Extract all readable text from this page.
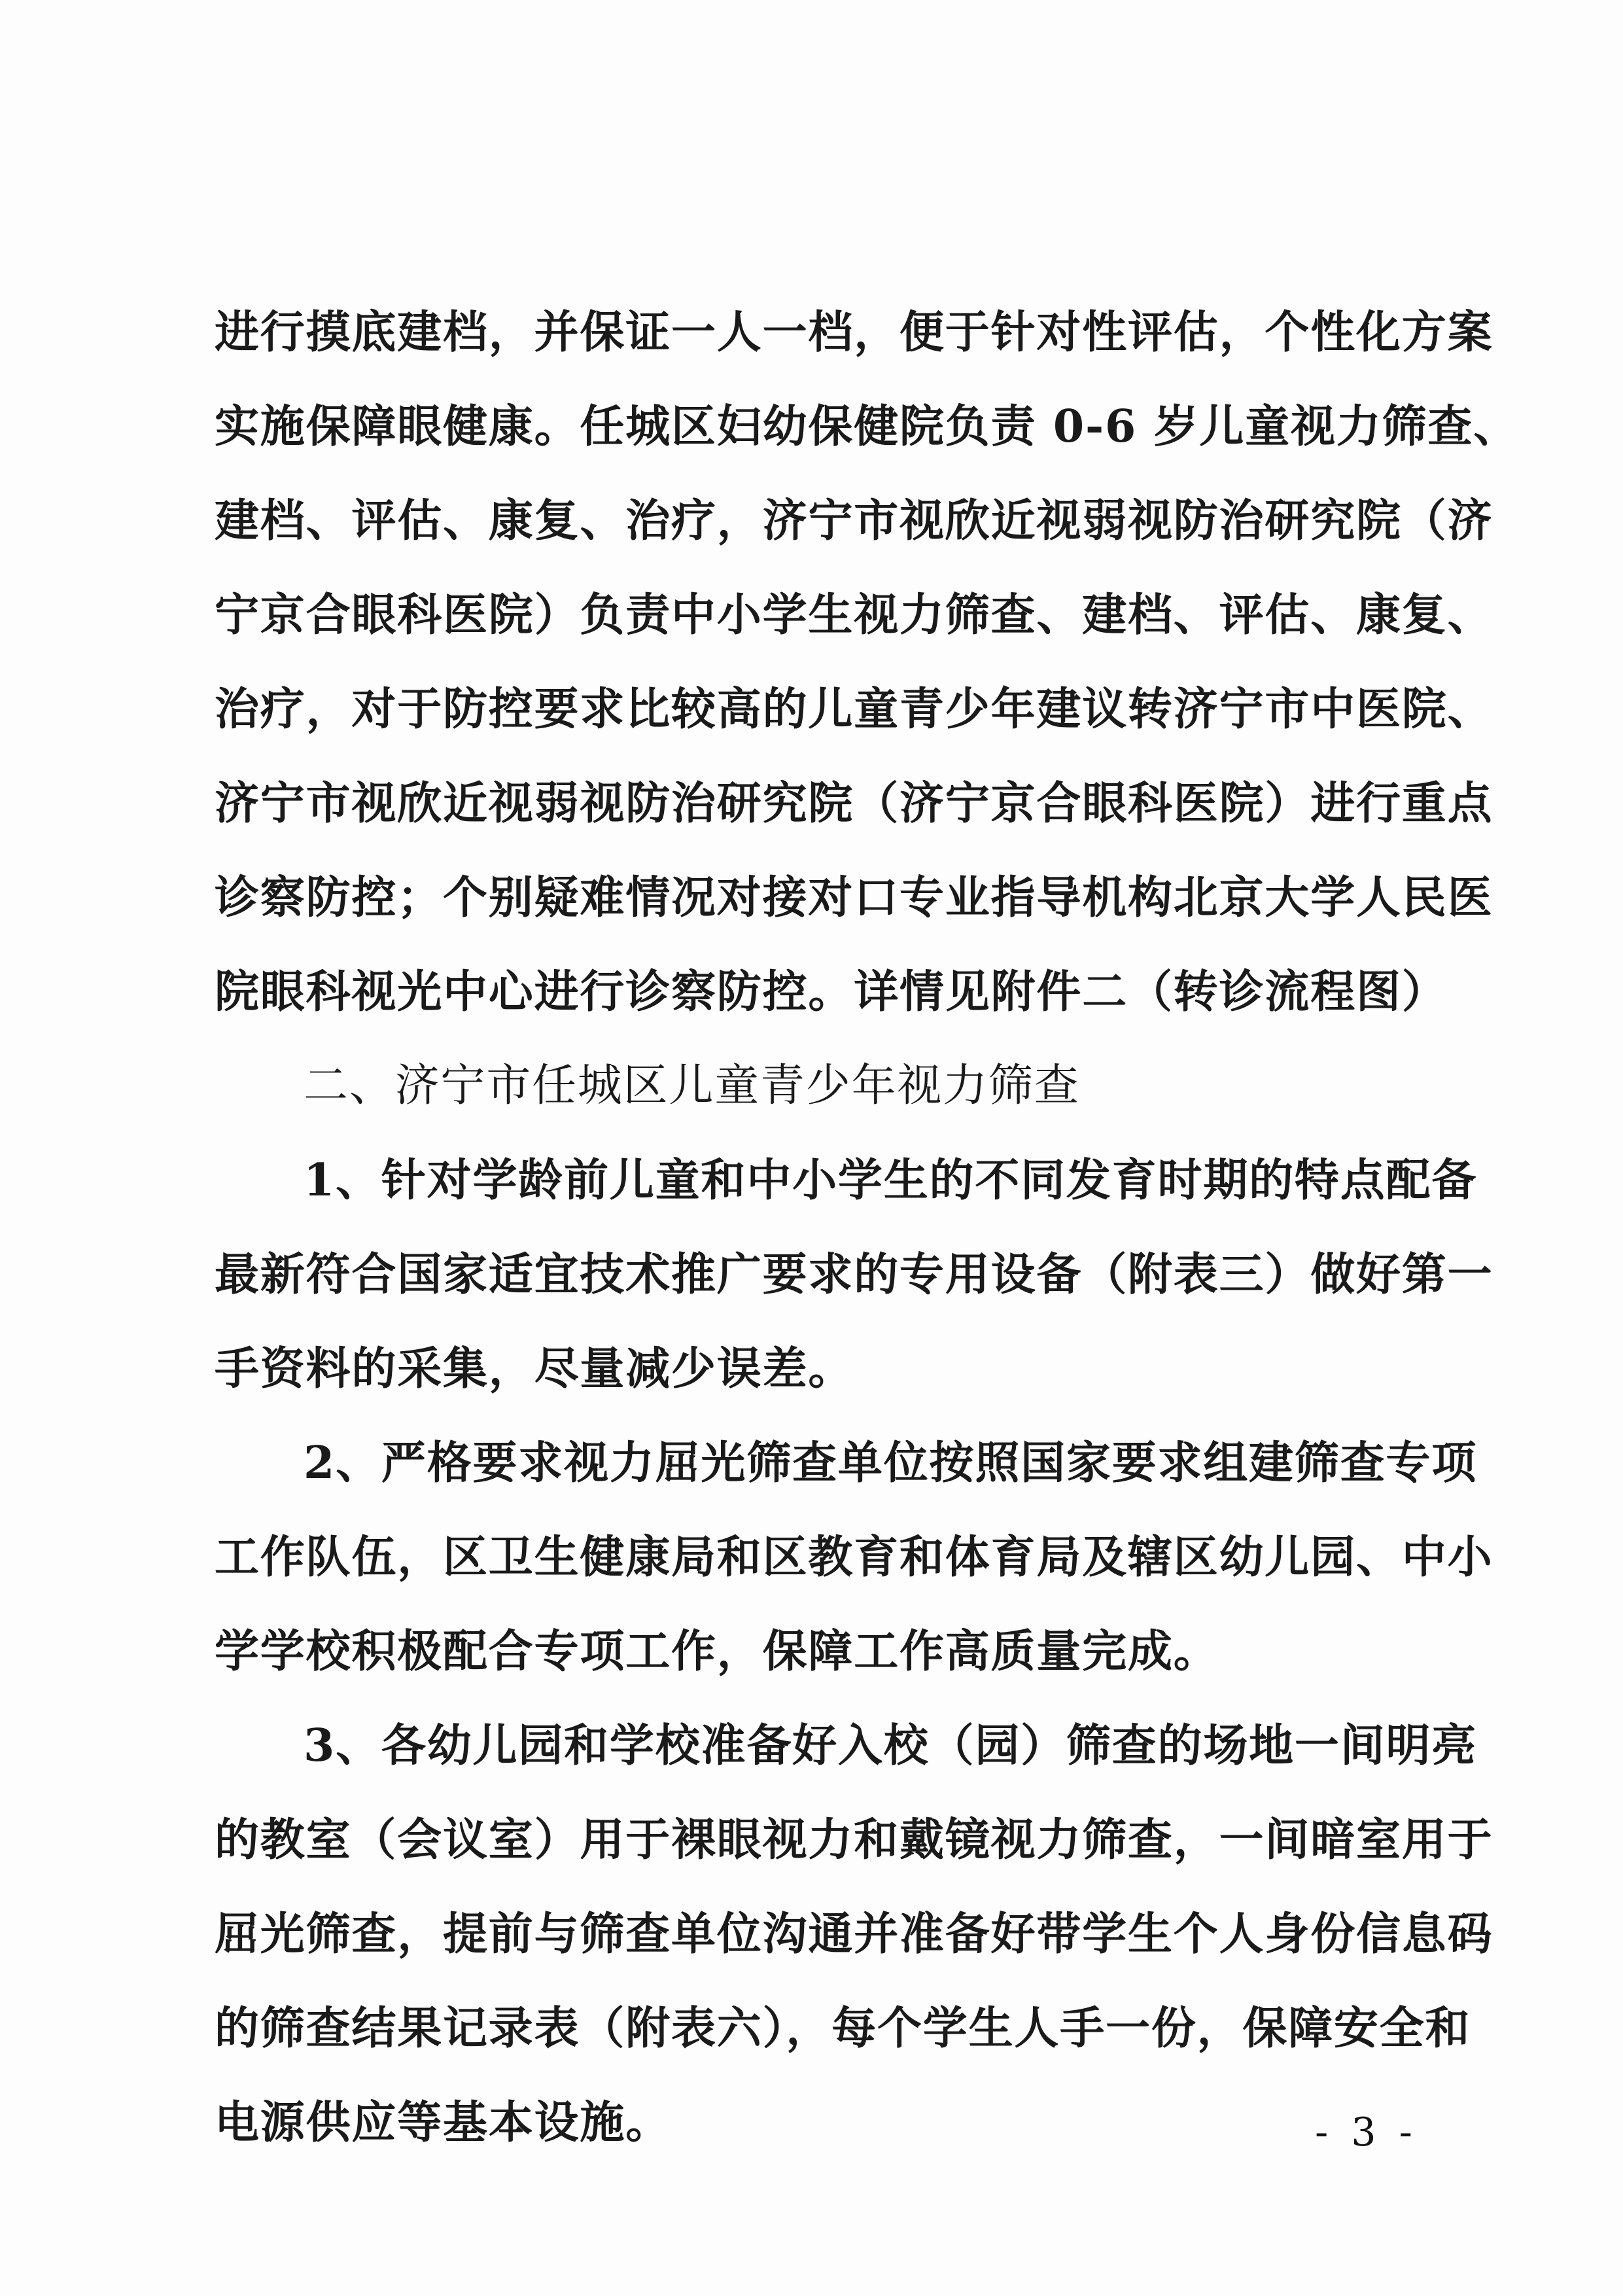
进行摸底建档，并保证一人一档，便于针对性评估，个性化方案
实施保障眼健康。任城区妇幼保健院负责 0-6 岁儿童视力筛查、
建档、评估、康复、治疗，济宁市视欣近视弱视防治研究院（济
宁京合眼科医院）负责中小学生视力筛查、建档、评估、康复、
治疗，对于防控要求比较高的儿童青少年建议转济宁市中医院、
济宁市视欣近视弱视防治研究院（济宁京合眼科医院）进行重点
诊察防控；个别疑难情况对接对口专业指导机构北京大学人民医
院眼科视光中心进行诊察防控。详情见附件二（转诊流程图）
二、济宁市任城区儿童青少年视力筛查
1、针对学龄前儿童和中小学生的不同发育时期的特点配备
最新符合国家适宜技术推广要求的专用设备（附表三）做好第一
手资料的采集，尽量减少误差。
2、严格要求视力屈光筛查单位按照国家要求组建筛查专项
工作队伍，区卫生健康局和区教育和体育局及辖区幼儿园、中小
学学校积极配合专项工作，保障工作高质量完成。
3、各幼儿园和学校准备好入校（园）筛查的场地一间明亮
的教室（会议室）用于裸眼视力和戴镜视力筛查，一间暗室用于
屈光筛查，提前与筛查单位沟通并准备好带学生个人身份信息码
的筛查结果记录表（附表六），每个学生人手一份，保障安全和
电源供应等基本设施。	- 3 -
